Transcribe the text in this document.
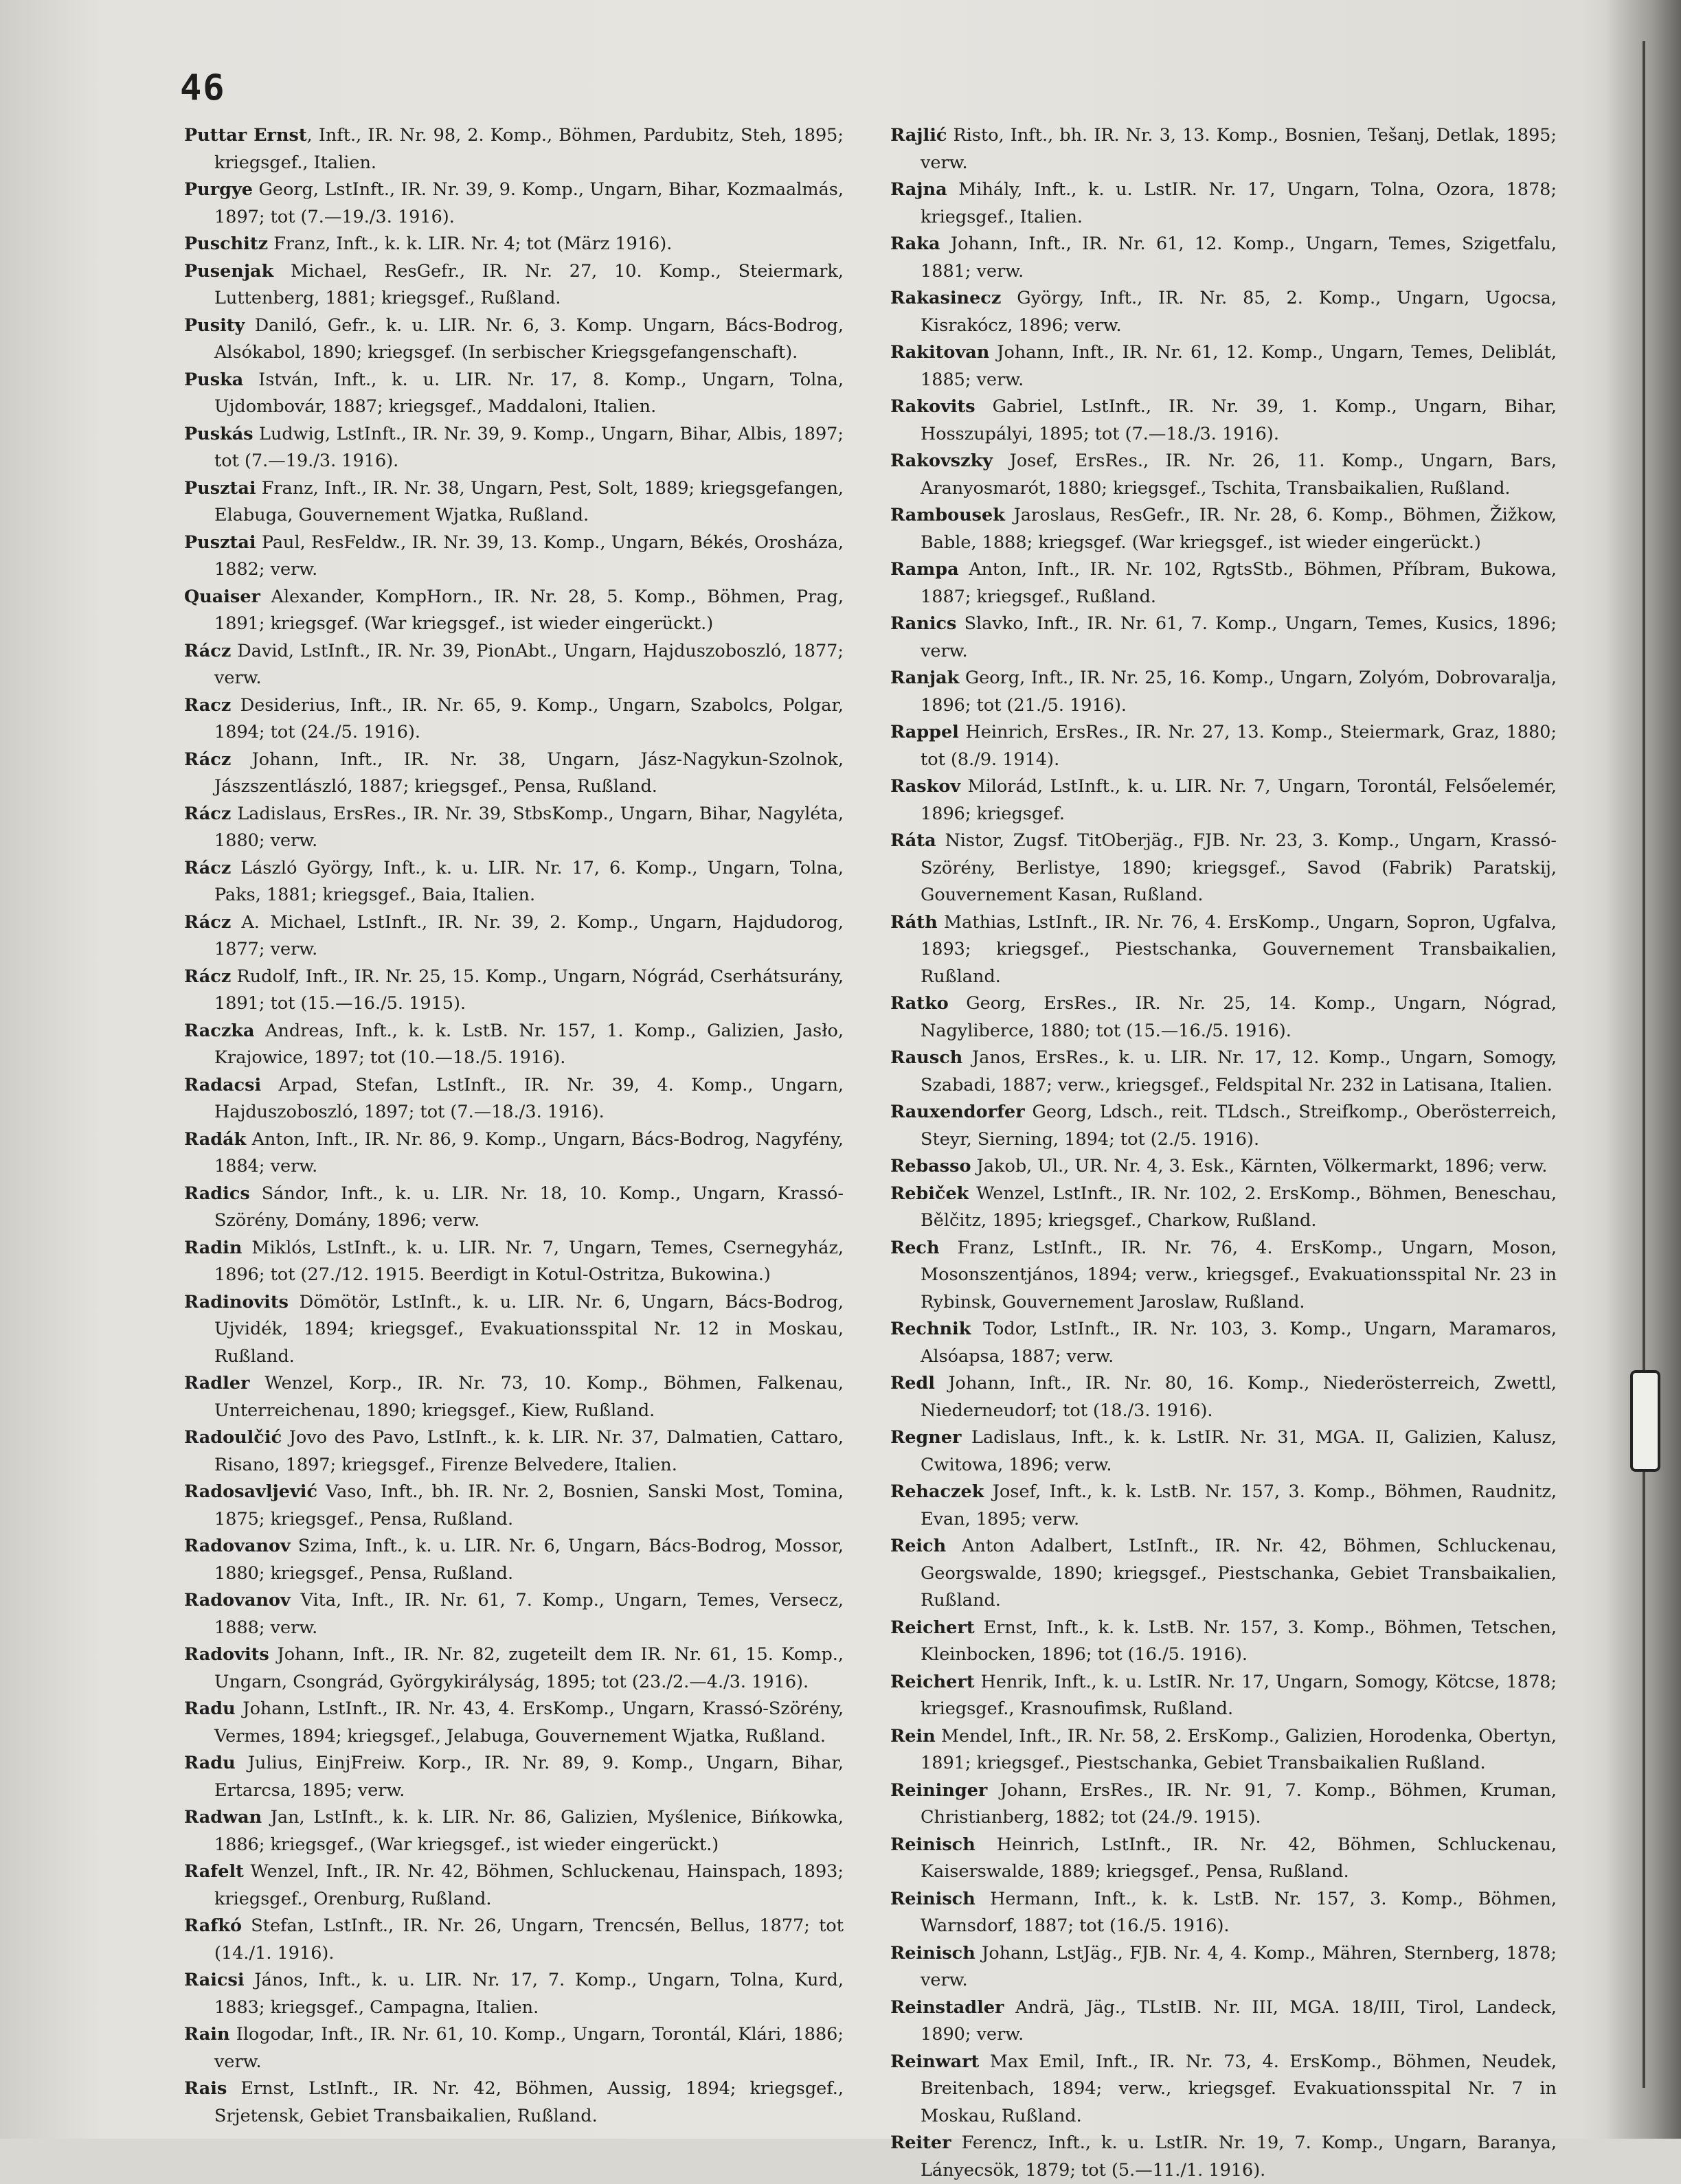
46
Puttar Ernst, Inft., IR. Nr. 98, 2. Komp., Böhmen, Pardubitz, Steh, 1895; kriegsgef., Italien.
Purgye Georg, LstInft., IR. Nr. 39, 9. Komp., Ungarn, Bihar, Kozmaalmás, 1897; tot (7.—19./3. 1916).
Puschitz Franz, Inft., k. k. LIR. Nr. 4; tot (März 1916).
Pusenjak Michael, ResGefr., IR. Nr. 27, 10. Komp., Steiermark, Luttenberg, 1881; kriegsgef., Rußland.
Pusity Daniló, Gefr., k. u. LIR. Nr. 6, 3. Komp. Ungarn, Bács-Bodrog, Alsókabol, 1890; kriegsgef. (In serbischer Kriegsgefangenschaft).
Puska István, Inft., k. u. LIR. Nr. 17, 8. Komp., Ungarn, Tolna, Ujdombovár, 1887; kriegsgef., Maddaloni, Italien.
Puskás Ludwig, LstInft., IR. Nr. 39, 9. Komp., Ungarn, Bihar, Albis, 1897; tot (7.—19./3. 1916).
Pusztai Franz, Inft., IR. Nr. 38, Ungarn, Pest, Solt, 1889; kriegsgefangen, Elabuga, Gouvernement Wjatka, Rußland.
Pusztai Paul, ResFeldw., IR. Nr. 39, 13. Komp., Ungarn, Békés, Orosháza, 1882; verw.
Quaiser Alexander, KompHorn., IR. Nr. 28, 5. Komp., Böhmen, Prag, 1891; kriegsgef. (War kriegsgef., ist wieder eingerückt.)
Rácz David, LstInft., IR. Nr. 39, PionAbt., Ungarn, Hajduszoboszló, 1877; verw.
Racz Desiderius, Inft., IR. Nr. 65, 9. Komp., Ungarn, Szabolcs, Polgar, 1894; tot (24./5. 1916).
Rácz Johann, Inft., IR. Nr. 38, Ungarn, Jász-Nagykun-Szolnok, Jászszentlászló, 1887; kriegsgef., Pensa, Rußland.
Rácz Ladislaus, ErsRes., IR. Nr. 39, StbsKomp., Ungarn, Bihar, Nagyléta, 1880; verw.
Rácz László György, Inft., k. u. LIR. Nr. 17, 6. Komp., Ungarn, Tolna, Paks, 1881; kriegsgef., Baia, Italien.
Rácz A. Michael, LstInft., IR. Nr. 39, 2. Komp., Ungarn, Hajdudorog, 1877; verw.
Rácz Rudolf, Inft., IR. Nr. 25, 15. Komp., Ungarn, Nógrád, Cserhátsurány, 1891; tot (15.—16./5. 1915).
Raczka Andreas, Inft., k. k. LstB. Nr. 157, 1. Komp., Galizien, Jasło, Krajowice, 1897; tot (10.—18./5. 1916).
Radacsi Arpad, Stefan, LstInft., IR. Nr. 39, 4. Komp., Ungarn, Hajduszoboszló, 1897; tot (7.—18./3. 1916).
Radák Anton, Inft., IR. Nr. 86, 9. Komp., Ungarn, Bács-Bodrog, Nagyfény, 1884; verw.
Radics Sándor, Inft., k. u. LIR. Nr. 18, 10. Komp., Ungarn, Krassó-Szörény, Domány, 1896; verw.
Radin Miklós, LstInft., k. u. LIR. Nr. 7, Ungarn, Temes, Csernegyház, 1896; tot (27./12. 1915. Beerdigt in Kotul-Ostritza, Bukowina.)
Radinovits Dömötör, LstInft., k. u. LIR. Nr. 6, Ungarn, Bács-Bodrog, Ujvidék, 1894; kriegsgef., Evakuationsspital Nr. 12 in Moskau, Rußland.
Radler Wenzel, Korp., IR. Nr. 73, 10. Komp., Böhmen, Falkenau, Unterreichenau, 1890; kriegsgef., Kiew, Rußland.
Radoulčić Jovo des Pavo, LstInft., k. k. LIR. Nr. 37, Dalmatien, Cattaro, Risano, 1897; kriegsgef., Firenze Belvedere, Italien.
Radosavljević Vaso, Inft., bh. IR. Nr. 2, Bosnien, Sanski Most, Tomina, 1875; kriegsgef., Pensa, Rußland.
Radovanov Szima, Inft., k. u. LIR. Nr. 6, Ungarn, Bács-Bodrog, Mossor, 1880; kriegsgef., Pensa, Rußland.
Radovanov Vita, Inft., IR. Nr. 61, 7. Komp., Ungarn, Temes, Versecz, 1888; verw.
Radovits Johann, Inft., IR. Nr. 82, zugeteilt dem IR. Nr. 61, 15. Komp., Ungarn, Csongrád, Györgykirályság, 1895; tot (23./2.—4./3. 1916).
Radu Johann, LstInft., IR. Nr. 43, 4. ErsKomp., Ungarn, Krassó-Szörény, Vermes, 1894; kriegsgef., Jelabuga, Gouvernement Wjatka, Rußland.
Radu Julius, EinjFreiw. Korp., IR. Nr. 89, 9. Komp., Ungarn, Bihar, Ertarcsa, 1895; verw.
Radwan Jan, LstInft., k. k. LIR. Nr. 86, Galizien, Myślenice, Bińkowka, 1886; kriegsgef., (War kriegsgef., ist wieder eingerückt.)
Rafelt Wenzel, Inft., IR. Nr. 42, Böhmen, Schluckenau, Hainspach, 1893; kriegsgef., Orenburg, Rußland.
Rafkó Stefan, LstInft., IR. Nr. 26, Ungarn, Trencsén, Bellus, 1877; tot (14./1. 1916).
Raicsi János, Inft., k. u. LIR. Nr. 17, 7. Komp., Ungarn, Tolna, Kurd, 1883; kriegsgef., Campagna, Italien.
Rain Ilogodar, Inft., IR. Nr. 61, 10. Komp., Ungarn, Torontál, Klári, 1886; verw.
Rais Ernst, LstInft., IR. Nr. 42, Böhmen, Aussig, 1894; kriegsgef., Srjetensk, Gebiet Transbaikalien, Rußland.
Rajlić Risto, Inft., bh. IR. Nr. 3, 13. Komp., Bosnien, Tešanj, Detlak, 1895; verw.
Rajna Mihály, Inft., k. u. LstIR. Nr. 17, Ungarn, Tolna, Ozora, 1878; kriegsgef., Italien.
Raka Johann, Inft., IR. Nr. 61, 12. Komp., Ungarn, Temes, Szigetfalu, 1881; verw.
Rakasinecz György, Inft., IR. Nr. 85, 2. Komp., Ungarn, Ugocsa, Kisrakócz, 1896; verw.
Rakitovan Johann, Inft., IR. Nr. 61, 12. Komp., Ungarn, Temes, Deliblát, 1885; verw.
Rakovits Gabriel, LstInft., IR. Nr. 39, 1. Komp., Ungarn, Bihar, Hosszupályi, 1895; tot (7.—18./3. 1916).
Rakovszky Josef, ErsRes., IR. Nr. 26, 11. Komp., Ungarn, Bars, Aranyosmarót, 1880; kriegsgef., Tschita, Transbaikalien, Rußland.
Rambousek Jaroslaus, ResGefr., IR. Nr. 28, 6. Komp., Böhmen, Žižkow, Bable, 1888; kriegsgef. (War kriegsgef., ist wieder eingerückt.)
Rampa Anton, Inft., IR. Nr. 102, RgtsStb., Böhmen, Příbram, Bukowa, 1887; kriegsgef., Rußland.
Ranics Slavko, Inft., IR. Nr. 61, 7. Komp., Ungarn, Temes, Kusics, 1896; verw.
Ranjak Georg, Inft., IR. Nr. 25, 16. Komp., Ungarn, Zolyóm, Dobrovaralja, 1896; tot (21./5. 1916).
Rappel Heinrich, ErsRes., IR. Nr. 27, 13. Komp., Steiermark, Graz, 1880; tot (8./9. 1914).
Raskov Milorád, LstInft., k. u. LIR. Nr. 7, Ungarn, Torontál, Felsőelemér, 1896; kriegsgef.
Ráta Nistor, Zugsf. TitOberjäg., FJB. Nr. 23, 3. Komp., Ungarn, Krassó-Szörény, Berlistye, 1890; kriegsgef., Savod (Fabrik) Paratskij, Gouvernement Kasan, Rußland.
Ráth Mathias, LstInft., IR. Nr. 76, 4. ErsKomp., Ungarn, Sopron, Ugfalva, 1893; kriegsgef., Piestschanka, Gouvernement Transbaikalien, Rußland.
Ratko Georg, ErsRes., IR. Nr. 25, 14. Komp., Ungarn, Nógrad, Nagyliberce, 1880; tot (15.—16./5. 1916).
Rausch Janos, ErsRes., k. u. LIR. Nr. 17, 12. Komp., Ungarn, Somogy, Szabadi, 1887; verw., kriegsgef., Feldspital Nr. 232 in Latisana, Italien.
Rauxendorfer Georg, Ldsch., reit. TLdsch., Streifkomp., Oberösterreich, Steyr, Sierning, 1894; tot (2./5. 1916).
Rebasso Jakob, Ul., UR. Nr. 4, 3. Esk., Kärnten, Völkermarkt, 1896; verw.
Rebiček Wenzel, LstInft., IR. Nr. 102, 2. ErsKomp., Böhmen, Beneschau, Bělčitz, 1895; kriegsgef., Charkow, Rußland.
Rech Franz, LstInft., IR. Nr. 76, 4. ErsKomp., Ungarn, Moson, Mosonszentjános, 1894; verw., kriegsgef., Evakuationsspital Nr. 23 in Rybinsk, Gouvernement Jaroslaw, Rußland.
Rechnik Todor, LstInft., IR. Nr. 103, 3. Komp., Ungarn, Maramaros, Alsóapsa, 1887; verw.
Redl Johann, Inft., IR. Nr. 80, 16. Komp., Niederösterreich, Zwettl, Niederneudorf; tot (18./3. 1916).
Regner Ladislaus, Inft., k. k. LstIR. Nr. 31, MGA. II, Galizien, Kalusz, Cwitowa, 1896; verw.
Rehaczek Josef, Inft., k. k. LstB. Nr. 157, 3. Komp., Böhmen, Raudnitz, Evan, 1895; verw.
Reich Anton Adalbert, LstInft., IR. Nr. 42, Böhmen, Schluckenau, Georgswalde, 1890; kriegsgef., Piestschanka, Gebiet Transbaikalien, Rußland.
Reichert Ernst, Inft., k. k. LstB. Nr. 157, 3. Komp., Böhmen, Tetschen, Kleinbocken, 1896; tot (16./5. 1916).
Reichert Henrik, Inft., k. u. LstIR. Nr. 17, Ungarn, Somogy, Kötcse, 1878; kriegsgef., Krasnoufimsk, Rußland.
Rein Mendel, Inft., IR. Nr. 58, 2. ErsKomp., Galizien, Horodenka, Obertyn, 1891; kriegsgef., Piestschanka, Gebiet Transbaikalien Rußland.
Reininger Johann, ErsRes., IR. Nr. 91, 7. Komp., Böhmen, Kruman, Christianberg, 1882; tot (24./9. 1915).
Reinisch Heinrich, LstInft., IR. Nr. 42, Böhmen, Schluckenau, Kaiserswalde, 1889; kriegsgef., Pensa, Rußland.
Reinisch Hermann, Inft., k. k. LstB. Nr. 157, 3. Komp., Böhmen, Warnsdorf, 1887; tot (16./5. 1916).
Reinisch Johann, LstJäg., FJB. Nr. 4, 4. Komp., Mähren, Sternberg, 1878; verw.
Reinstadler Andrä, Jäg., TLstIB. Nr. III, MGA. 18/III, Tirol, Landeck, 1890; verw.
Reinwart Max Emil, Inft., IR. Nr. 73, 4. ErsKomp., Böhmen, Neudek, Breitenbach, 1894; verw., kriegsgef. Evakuationsspital Nr. 7 in Moskau, Rußland.
Reiter Ferencz, Inft., k. u. LstIR. Nr. 19, 7. Komp., Ungarn, Baranya, Lányecsök, 1879; tot (5.—11./1. 1916).
